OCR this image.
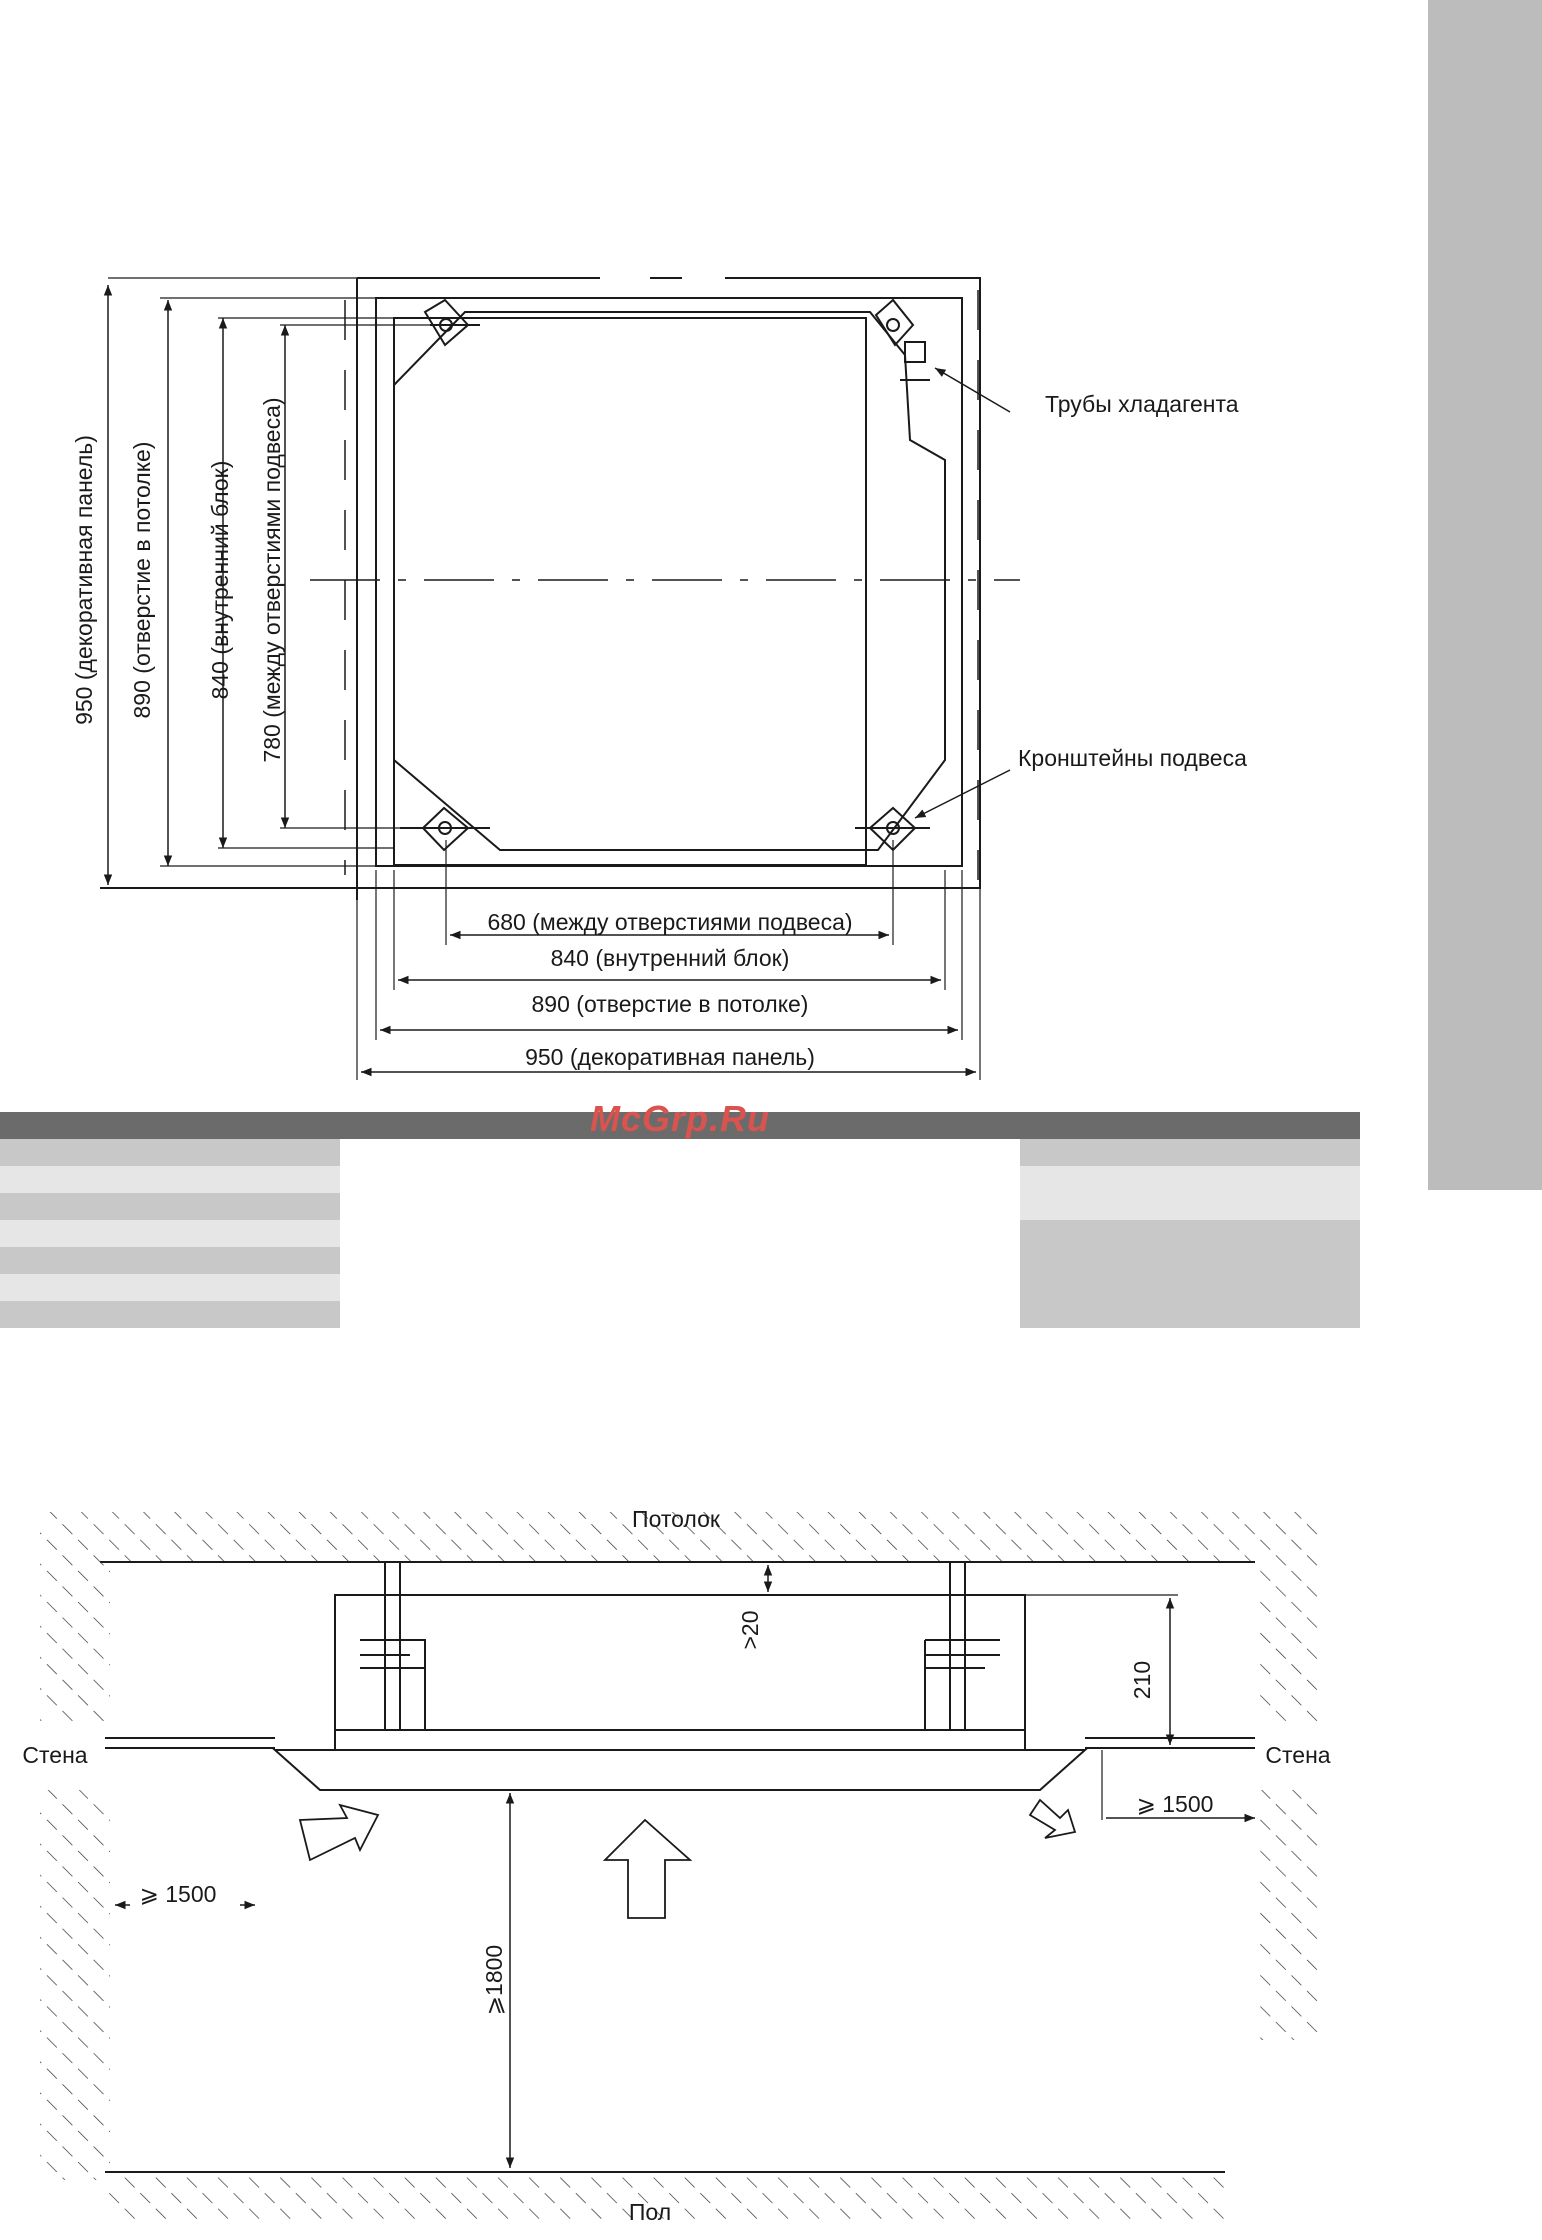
McGrp.Ru
950 (декоративная панель) 890 (отверстие в потолке) 840 (внутренний блок) 780 (между отверстиями подвеса)
680 (между отверстиями подвеса)
840 (внутренний блок)
890 (отверстие в потолке)
950 (декоративная панель)
Трубы хладагента
Кронштейны подвеса
Потолок
Пол
Стена	Стена
>20
210
⩾ 1500
⩾ 1500
⩾1800
